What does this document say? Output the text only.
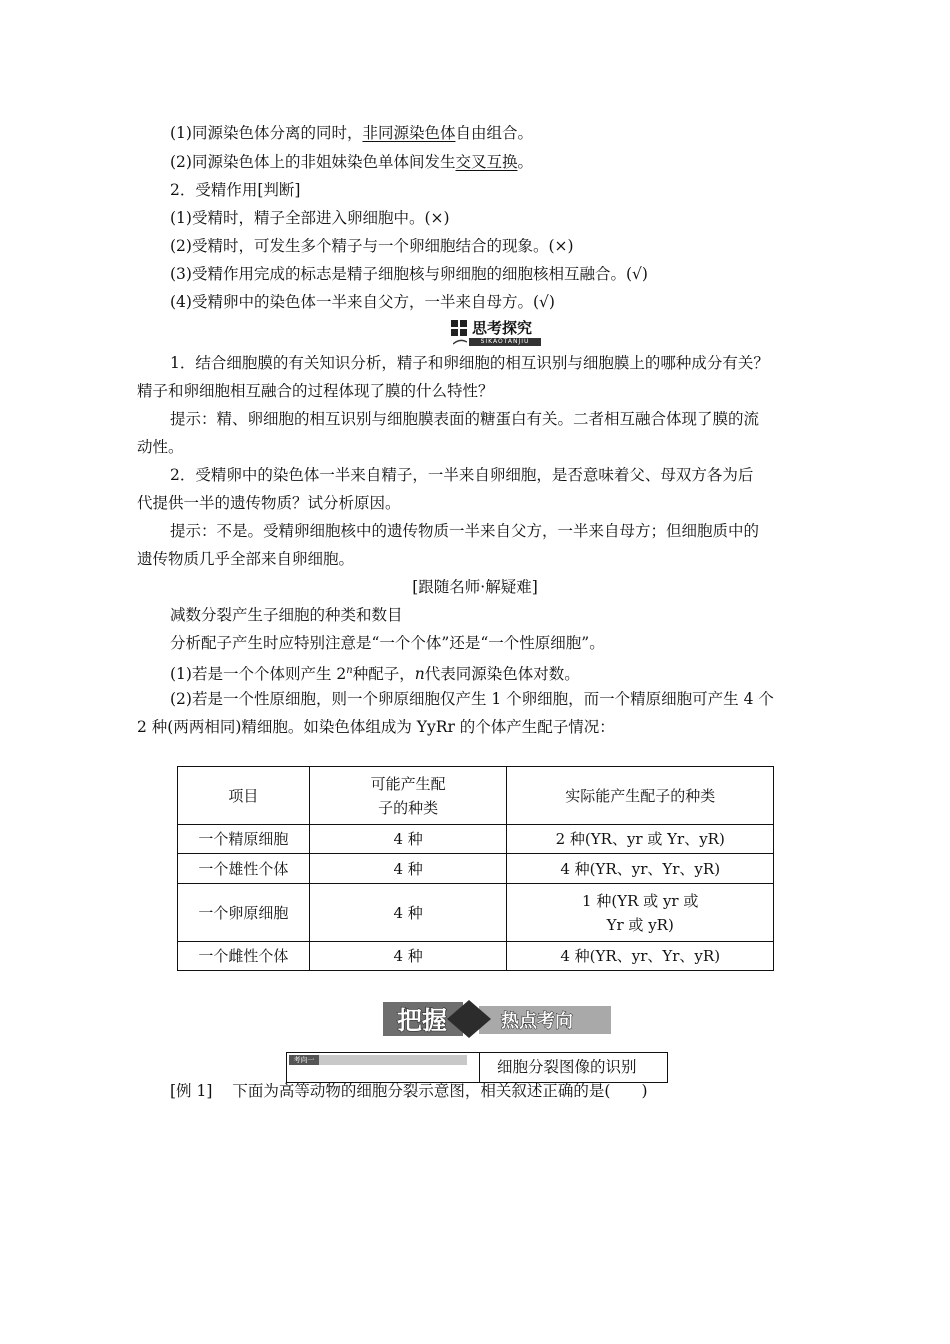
(1)同源染色体分离的同时，非同源染色体自由组合。
(2)同源染色体上的非姐妹染色单体间发生交叉互换。
2．受精作用[判断]
(1)受精时，精子全部进入卵细胞中。(×)
(2)受精时，可发生多个精子与一个卵细胞结合的现象。(×)
(3)受精作用完成的标志是精子细胞核与卵细胞的细胞核相互融合。(√)
(4)受精卵中的染色体一半来自父方，一半来自母方。(√)
思考探究
SIKAOTANJIU
1．结合细胞膜的有关知识分析，精子和卵细胞的相互识别与细胞膜上的哪种成分有关？
精子和卵细胞相互融合的过程体现了膜的什么特性？
提示：精、卵细胞的相互识别与细胞膜表面的糖蛋白有关。二者相互融合体现了膜的流
动性。
2．受精卵中的染色体一半来自精子，一半来自卵细胞，是否意味着父、母双方各为后
代提供一半的遗传物质？试分析原因。
提示：不是。受精卵细胞核中的遗传物质一半来自父方，一半来自母方；但细胞质中的
遗传物质几乎全部来自卵细胞。
[跟随名师·解疑难]
减数分裂产生子细胞的种类和数目
分析配子产生时应特别注意是“一个个体”还是“一个性原细胞”。
(1)若是一个个体则产生 2$^n$种配子，n代表同源染色体对数。
(2)若是一个性原细胞，则一个卵原细胞仅产生 1 个卵细胞，而一个精原细胞可产生 4 个
2 种(两两相同)精细胞。如染色体组成为 YyRr 的个体产生配子情况：
项目	可能产生配
子的种类	实际能产生配子的种类
一个精原细胞	4 种	2 种(YR、yr 或 Yr、yR)
一个雄性个体	4 种	4 种(YR、yr、Yr、yR)
一个卵原细胞	4 种	1 种(YR 或 yr 或
Yr 或 yR)

一个雌性个体	4 种	4 种(YR、yr、Yr、yR)
把握	热点考向
考向一	细胞分裂图像的识别
[例 1] 下面为高等动物的细胞分裂示意图，相关叙述正确的是(　　)
